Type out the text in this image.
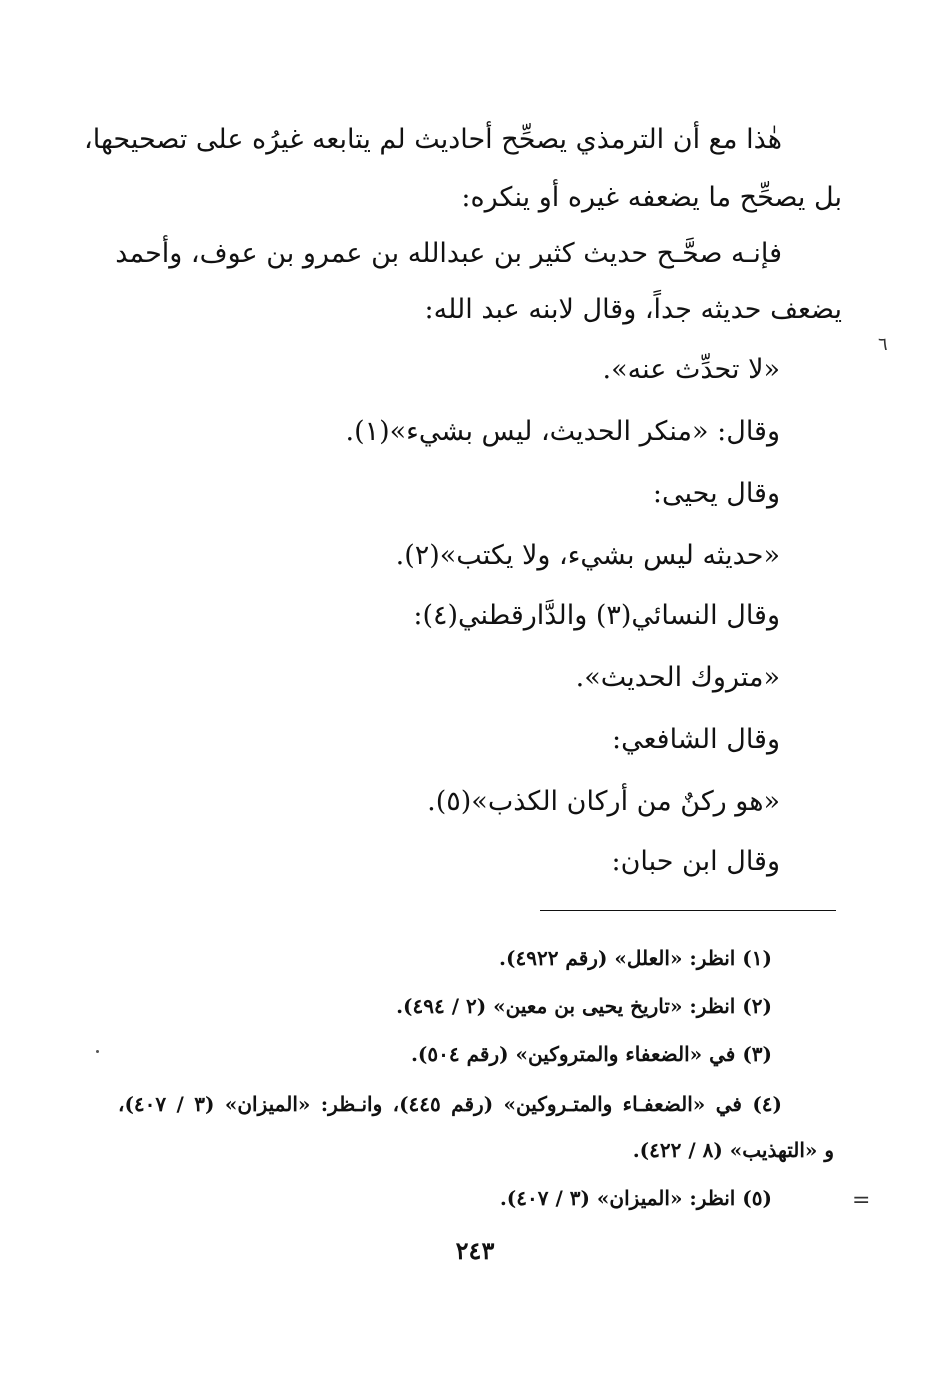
هٰذا مع أن الترمذي يصحِّح أحاديث لم يتابعه غيرُه على تصحيحها،
بل يصحِّح ما يضعفه غيره أو ينكره:
فإنـه صحَّـح حديث كثير بن عبدالله بن عمرو بن عوف، وأحمد
يضعف حديثه جداً، وقال لابنه عبد الله:
«لا تحدِّث عنه».
وقال: «منكر الحديث، ليس بشيء»(١).
وقال يحيى:
«حديثه ليس بشيء، ولا يكتب»(٢).
وقال النسائي(٣) والدَّارقطني(٤):
«متروك الحديث».
وقال الشافعي:
«هو ركنٌ من أركان الكذب»(٥).
وقال ابن حبان:
(١) انظر: «العلل» (رقم ٤٩٢٢).
(٢) انظر: «تاريخ يحيى بن معين» (٢ / ٤٩٤).
(٣) في «الضعفاء والمتروكين» (رقم ٥٠٤).
(٤) في «الضعفـاء والمتـروكين» (رقم ٤٤٥)، وانـظر: «الميزان» (٣ / ٤٠٧)،
و «التهذيب» (٨ / ٤٢٢).
(٥) انظر: «الميزان» (٣ / ٤٠٧).
٢٤٣
٦
=
